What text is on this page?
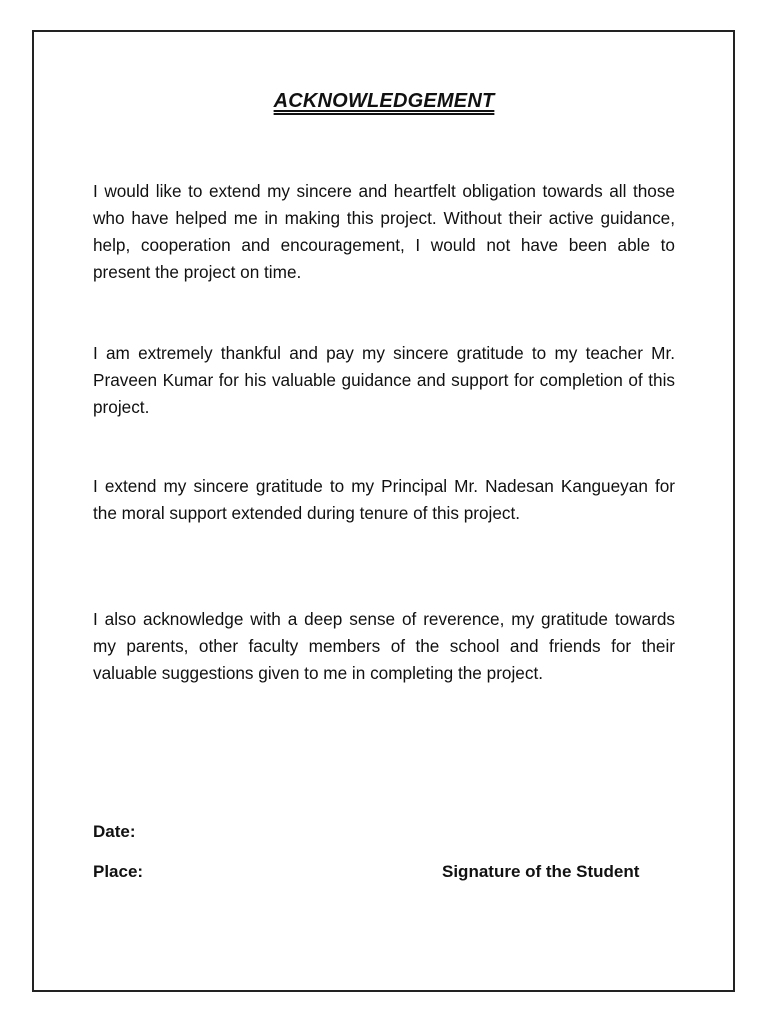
ACKNOWLEDGEMENT

I would like to extend my sincere and heartfelt obligation towards all those who have helped me in making this project. Without their active guidance, help, cooperation and encouragement, I would not have been able to present the project on time.

I am extremely thankful and pay my sincere gratitude to my teacher Mr. Praveen Kumar for his valuable guidance and support for completion of this project.

I extend my sincere gratitude to my Principal Mr. Nadesan Kangueyan for the moral support extended during tenure of this project.

I also acknowledge with a deep sense of reverence, my gratitude towards my parents, other faculty members of the school and friends for their valuable suggestions given to me in completing the project.

Date:
Place:	Signature of the Student
